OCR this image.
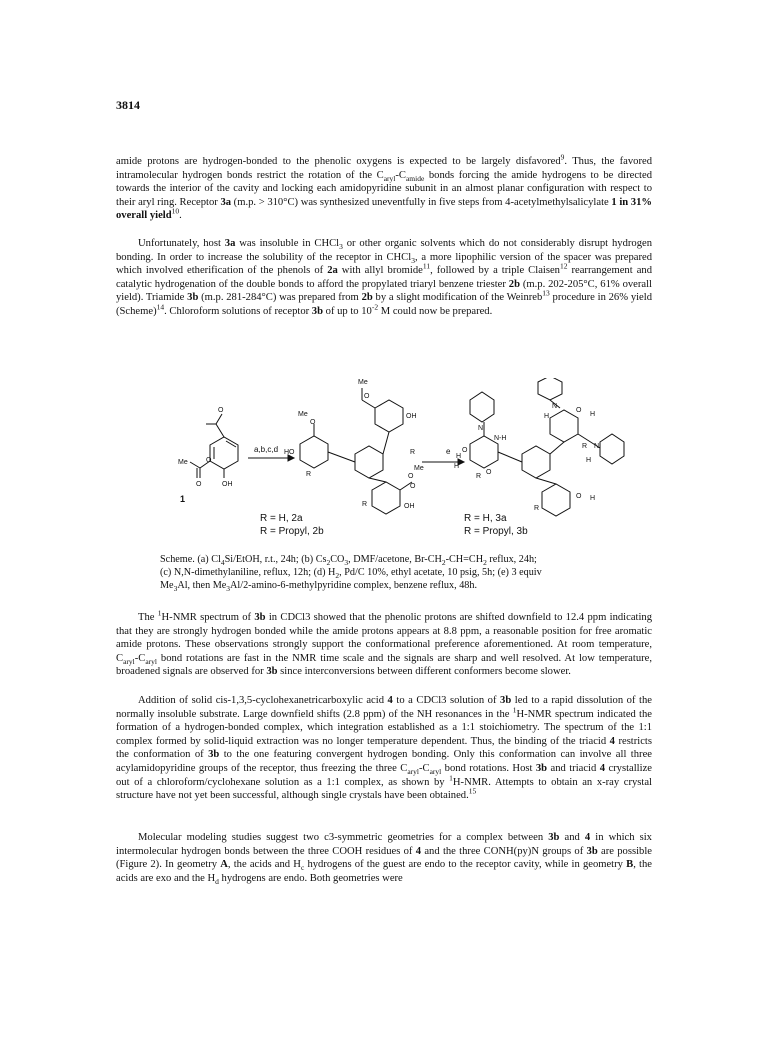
3814

amide protons are hydrogen-bonded to the phenolic oxygens is expected to be largely disfavored$^9$. Thus, the favored intramolecular hydrogen bonds restrict the rotation of the $C_{aryl}-C_{amide}$ bonds forcing the amide hydrogens to be directed towards the interior of the cavity and locking each amidopyridine subunit in an almost planar configuration with respect to their aryl ring. Receptor 3a (m.p. > 310°C) was synthesized uneventfully in five steps from 4-acetylmethylsalicylate 1 in 31% overall yield$^{10}$.

Unfortunately, host 3a was insoluble in CHCl$_3$ or other organic solvents which do not considerably disrupt hydrogen bonding. In order to increase the solubility of the receptor in CHCl$_3$, a more lipophilic version of the spacer was prepared which involved etherification of the phenols of 2a with allyl bromide$^{11}$, followed by a triple Claisen$^{12}$ rearrangement and catalytic hydrogenation of the double bonds to afford the propylated triaryl benzene triester 2b (m.p. 202-205°C, 61% overall yield). Triamide 3b (m.p. 281-284°C) was prepared from 2b by a slight modification of the Weinreb$^{13}$ procedure in 26% yield (Scheme)$^{14}$. Chloroform solutions of receptor 3b of up to $10^{-2}$ M could now be prepared.

O
Me
O
O
OH
1
a,b,c,d
Me
O
OH
Me
O
HO
R
R
R
O
Me
O
OH
R = H, 2a
R = Propyl, 2b
e
N
N-H
H
O
O
H
R
R
R
N
H
O
H
N
H
O H
R = H, 3a
R = Propyl, 3b

Scheme. (a) $Cl_4Si$/EtOH, r.t., 24h; (b) $Cs_2CO_3$, DMF/acetone, $Br-CH_2-CH=CH_2$ reflux, 24h;

(c) N,N-dimethylaniline, reflux, 12h; (d) $H_2$, Pd/C 10%, ethyl acetate, 10 psig, 5h; (e) 3 equiv

$Me_3Al$, then $Me_3Al/2-amino-6$-methylpyridine complex, benzene reflux, 48h.

The $^1$H-NMR spectrum of 3b in CDCl3 showed that the phenolic protons are shifted downfield to 12.4 ppm indicating that they are strongly hydrogen bonded while the amide protons appears at 8.8 ppm, a reasonable position for free aromatic amide protons. These observations strongly support the conformational preference aforementioned. At room temperature, $C_{aryl}-C_{aryl}$ bond rotations are fast in the NMR time scale and the signals are sharp and well resolved. At low temperature, broadened signals are observed for 3b since interconversions between different conformers become slower.

Addition of solid cis-1,3,5-cyclohexanetricarboxylic acid 4 to a CDCl3 solution of 3b led to a rapid dissolution of the normally insoluble substrate. Large downfield shifts (2.8 ppm) of the NH resonances in the $^1$H-NMR spectrum indicated the formation of a hydrogen-bonded complex, which integration established as a 1:1 stoichiometry. The spectrum of the 1:1 complex formed by solid-liquid extraction was no longer temperature dependent. Thus, the binding of the triacid 4 restricts the conformation of 3b to the one featuring convergent hydrogen bonding. Only this conformation can involve all three acylamidopyridine groups of the receptor, thus freezing the three $C_{aryl}-C_{aryl}$ bond rotations. Host 3b and triacid 4 crystallize out of a chloroform/cyclohexane solution as a 1:1 complex, as shown by $^1$H-NMR. Attempts to obtain an x-ray crystal structure have not yet been successful, although single crystals have been obtained.$^{15}$

Molecular modeling studies suggest two c3-symmetric geometries for a complex between 3b and 4 in which six intermolecular hydrogen bonds between the three COOH residues of 4 and the three CONH(py)N groups of 3b are possible (Figure 2). In geometry A, the acids and $H_c$ hydrogens of the guest are endo to the receptor cavity, while in geometry B, the acids are exo and the $H_d$ hydrogens are endo. Both geometries were
